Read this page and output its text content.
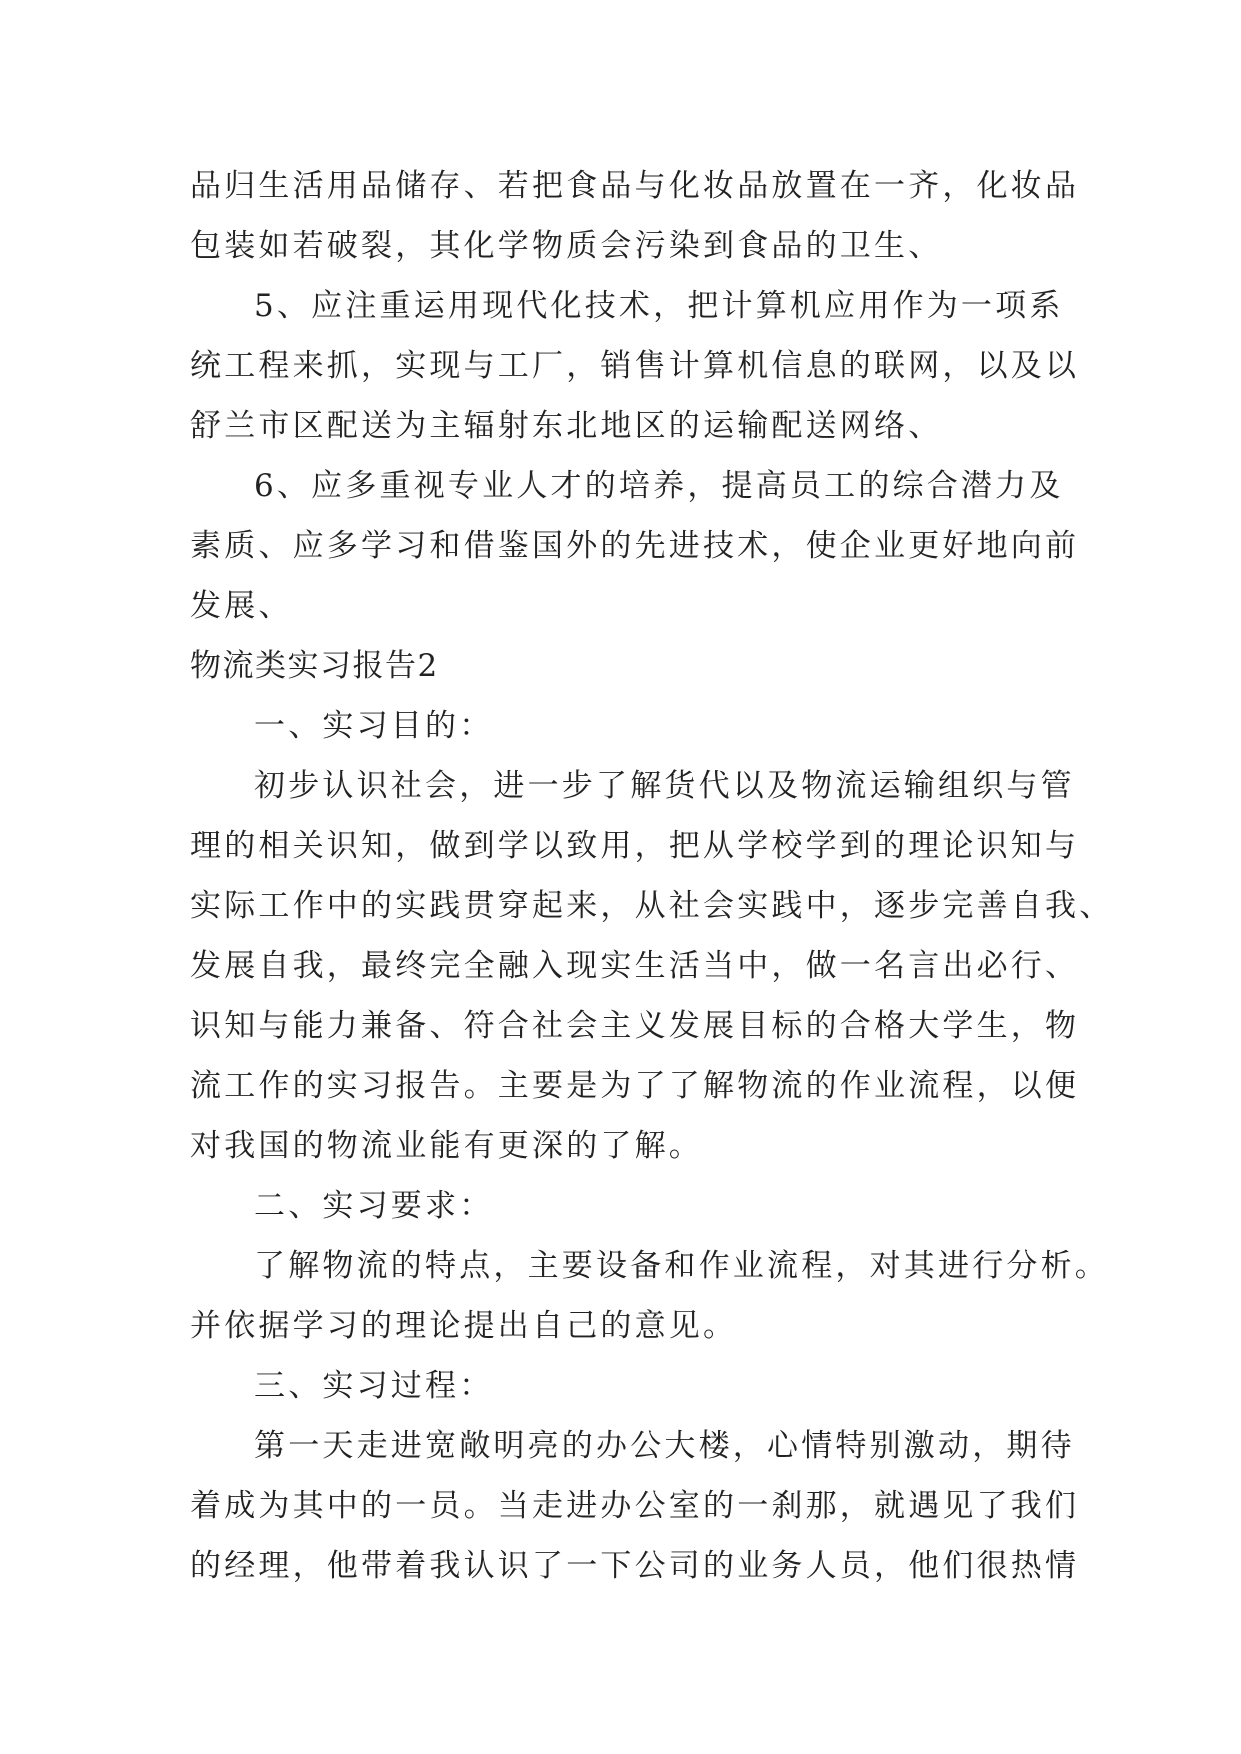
品归生活用品储存、若把食品与化妆品放置在一齐，化妆品
包装如若破裂，其化学物质会污染到食品的卫生、
5、应注重运用现代化技术，把计算机应用作为一项系
统工程来抓，实现与工厂，销售计算机信息的联网，以及以
舒兰市区配送为主辐射东北地区的运输配送网络、
6、应多重视专业人才的培养，提高员工的综合潜力及
素质、应多学习和借鉴国外的先进技术，使企业更好地向前
发展、
物流类实习报告2
一、实习目的：
初步认识社会，进一步了解货代以及物流运输组织与管
理的相关识知，做到学以致用，把从学校学到的理论识知与
实际工作中的实践贯穿起来，从社会实践中，逐步完善自我、
发展自我，最终完全融入现实生活当中，做一名言出必行、
识知与能力兼备、符合社会主义发展目标的合格大学生，物
流工作的实习报告。主要是为了了解物流的作业流程，以便
对我国的物流业能有更深的了解。
二、实习要求：
了解物流的特点，主要设备和作业流程，对其进行分析。
并依据学习的理论提出自己的意见。
三、实习过程：
第一天走进宽敞明亮的办公大楼，心情特别激动，期待
着成为其中的一员。当走进办公室的一刹那，就遇见了我们
的经理，他带着我认识了一下公司的业务人员，他们很热情
